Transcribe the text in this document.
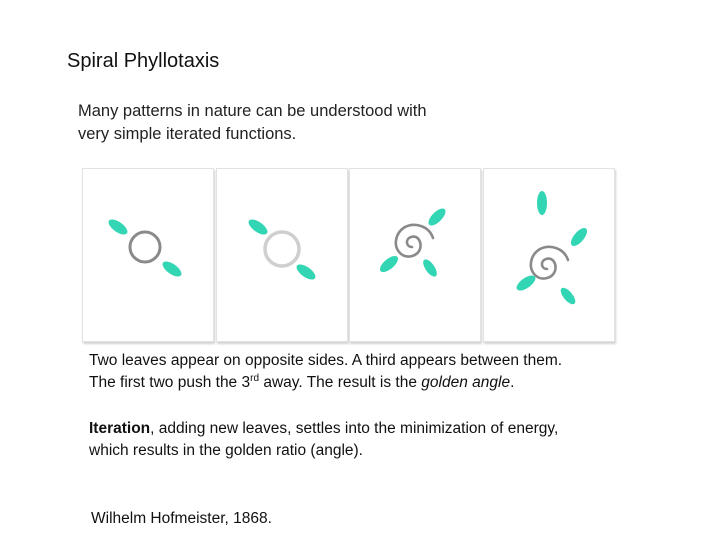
Spiral Phyllotaxis
Many patterns in nature can be understood with
very simple iterated functions.
Two leaves appear on opposite sides. A third appears between them.
The first two push the 3rd away. The result is the golden angle.
Iteration, adding new leaves, settles into the minimization of energy,
which results in the golden ratio (angle).
Wilhelm Hofmeister, 1868.
